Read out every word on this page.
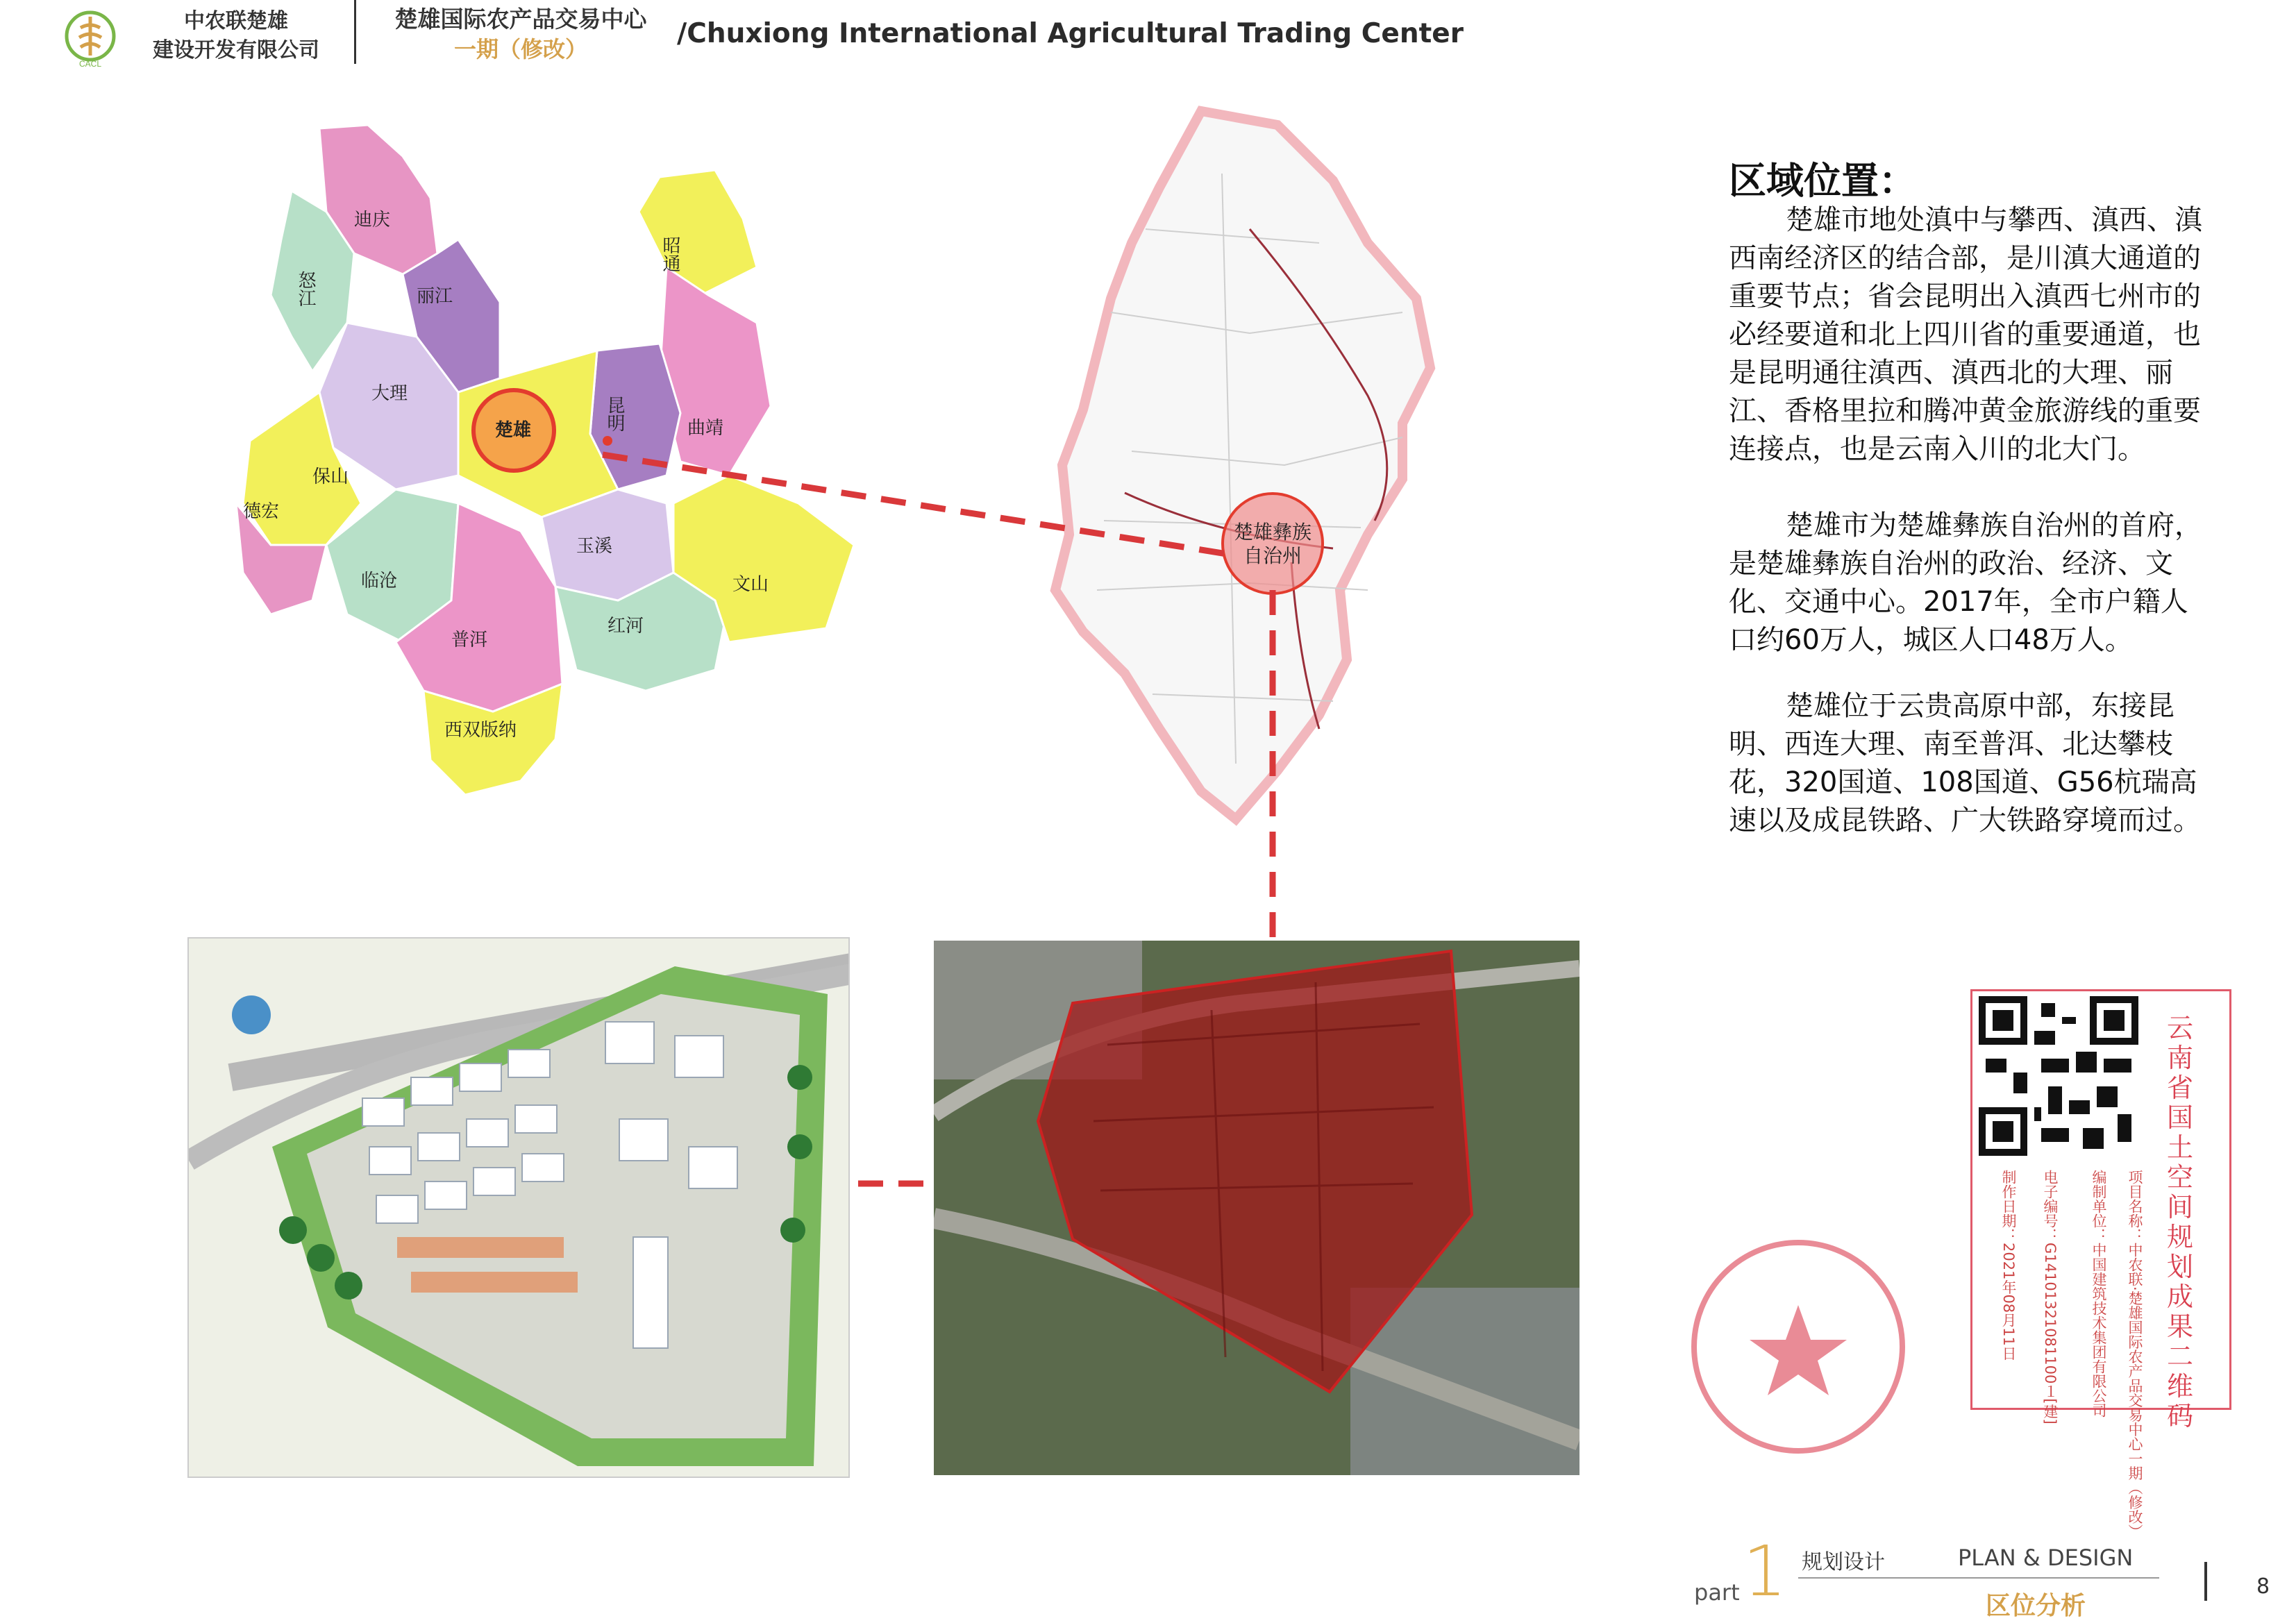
CACL
中农联楚雄
建设开发有限公司
楚雄国际农产品交易中心
一期（修改）	/Chuxiong International Agricultural Trading Center
迪庆
昭通
丽江
怒江
大理
楚雄	昆明	曲靖
保山
德宏
临沧
玉溪
普洱
红河
文山
西双版纳
楚雄彝族自治州
区域位置：
楚雄市地处滇中与攀西、滇西、滇西南经济区的结合部，是川滇大通道的重要节点；省会昆明出入滇西七州市的必经要道和北上四川省的重要通道，也是昆明通往滇西、滇西北的大理、丽江、香格里拉和腾冲黄金旅游线的重要连接点，也是云南入川的北大门。
楚雄市为楚雄彝族自治州的首府，是楚雄彝族自治州的政治、经济、文化、交通中心。2017年，全市户籍人口约60万人，城区人口48万人。
楚雄位于云贵高原中部，东接昆明、西连大理、南至普洱、北达攀枝花，320国道、108国道、G56杭瑞高速以及成昆铁路、广大铁路穿境而过。
云南省国土空间规划成果二维码
项目名称：中农联·楚雄国际农产品交易中心一期（修改）
编制单位：中国建筑技术集团有限公司
电子编号：G14101321081100１[建]
制作日期：2021年08月11日
part 1 规划设计	PLAN & DESIGN
区位分析
8
